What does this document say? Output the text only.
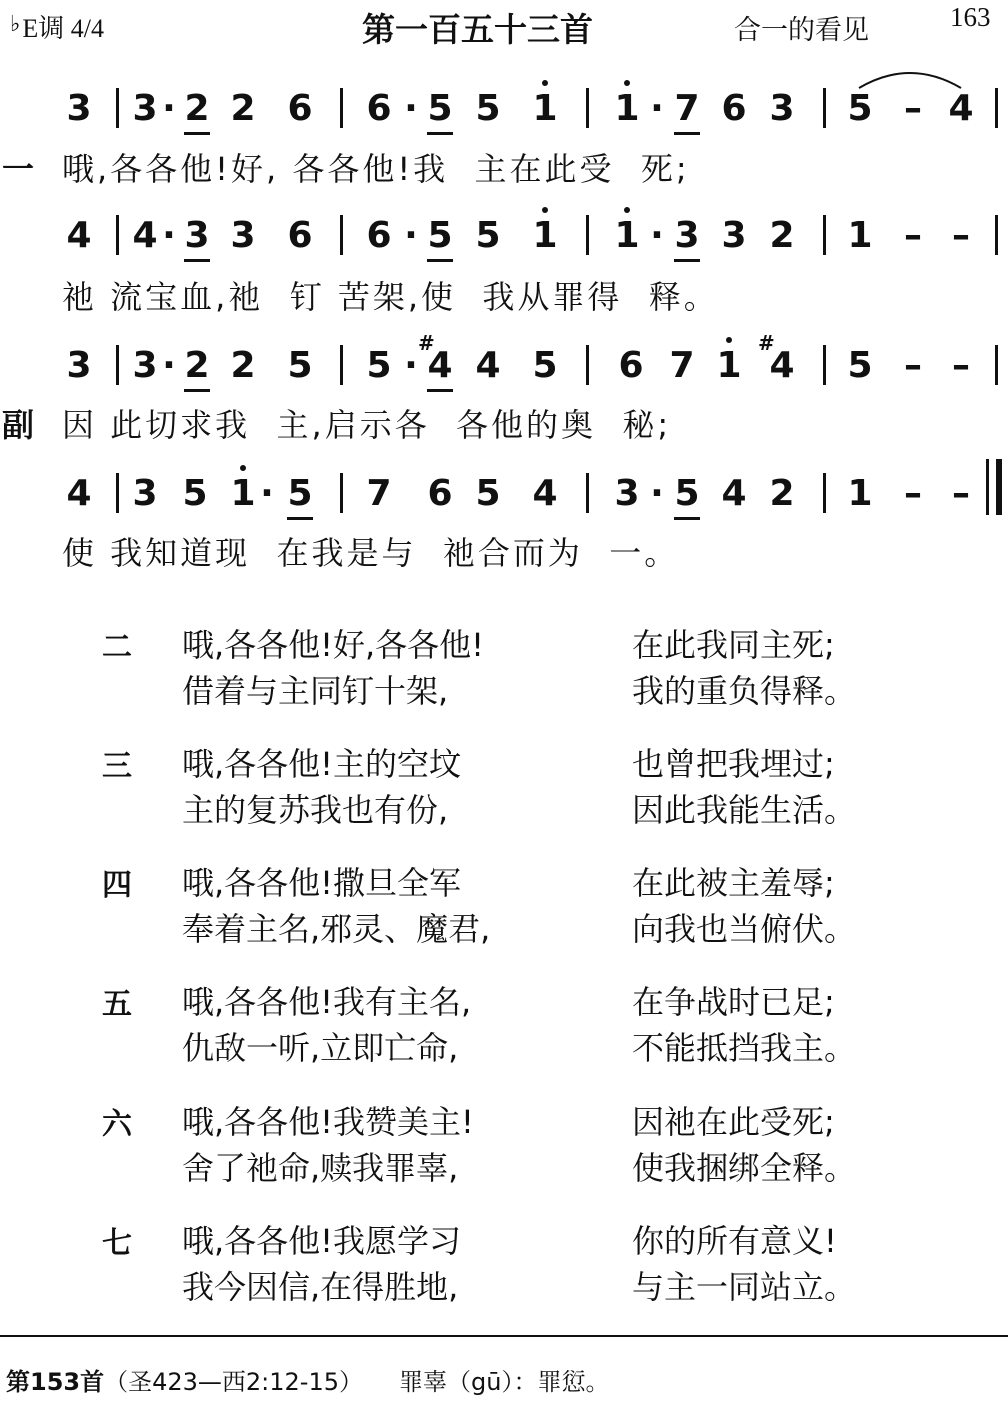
♭E调 4/4	第一百五十三首	合一的看见	163
3 3 · 2 2 6 6 · 5 5 1 1 · 7 6 3 5 – 4
一 哦,各各他!好, 各各他!我  主在此受  死;
4 4 · 3 3 6 6 · 5 5 1 1 · 3 3 2 1 – –
祂 流宝血,祂  钉 苦架,使  我从罪得  释。
3 3 · 2 2 5 5 ·
#
4 4 5 6 7 1
#
4 5 – –
副 因 此切求我  主,启示各  各他的奥  秘;
4 3 5 1 · 5 7 6 5 4 3 · 5 4 2 1 – –
使 我知道现  在我是与  祂合而为  一。
二 哦,各各他!好,各各他!	在此我同主死;
借着与主同钉十架,	我的重负得释。
三 哦,各各他!主的空坟	也曾把我埋过;
主的复苏我也有份,	因此我能生活。
四 哦,各各他!撒旦全军	在此被主羞辱;
奉着主名,邪灵、魔君,	向我也当俯伏。
五 哦,各各他!我有主名,	在争战时已足;
仇敌一听,立即亡命,	不能抵挡我主。
六 哦,各各他!我赞美主!	因祂在此受死;
舍了祂命,赎我罪辜,	使我捆绑全释。
七 哦,各各他!我愿学习	你的所有意义!
我今因信,在得胜地,	与主一同站立。
第153首（圣423—西2:12-15） 罪辜（gū）：罪愆。
